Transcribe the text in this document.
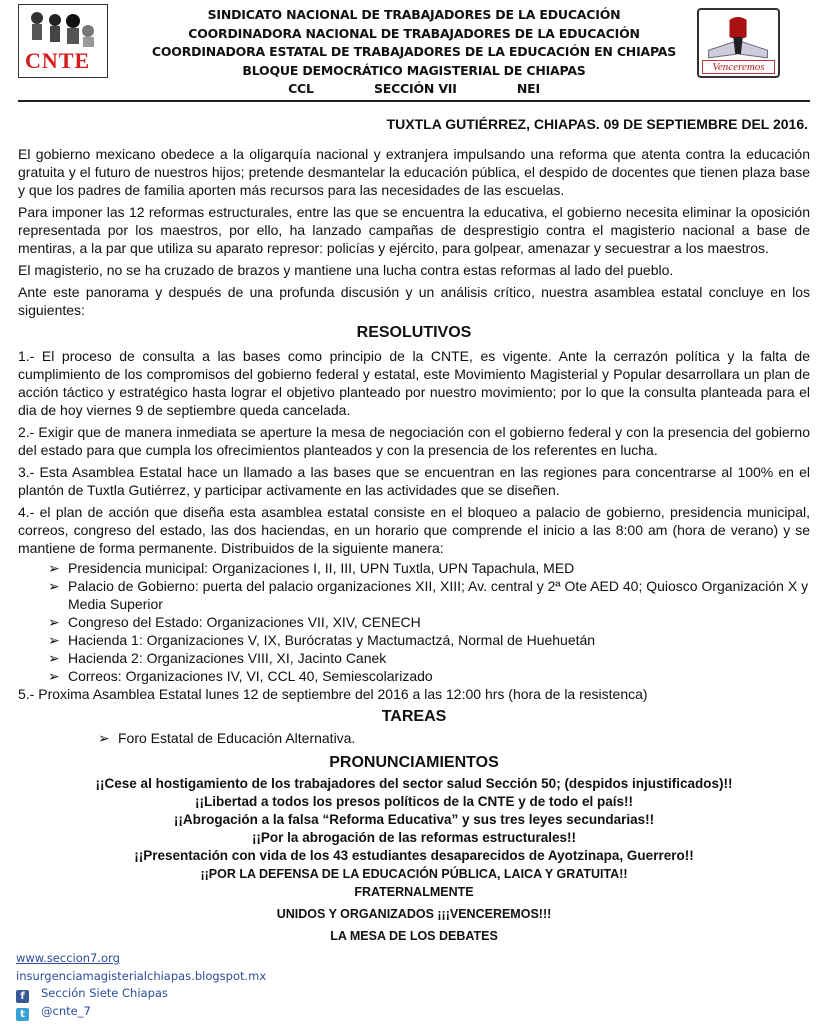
CNTE
SINDICATO NACIONAL DE TRABAJADORES DE LA EDUCACIÓN
COORDINADORA NACIONAL DE TRABAJADORES DE LA EDUCACIÓN
COORDINADORA ESTATAL DE TRABAJADORES DE LA EDUCACIÓN EN CHIAPAS
BLOQUE DEMOCRÁTICO MAGISTERIAL DE CHIAPAS
CCL	SECCIÓN VII	NEI
Venceremos
TUXTLA GUTIÉRREZ, CHIAPAS. 09 DE SEPTIEMBRE DEL 2016.

El gobierno mexicano obedece a la oligarquía nacional y extranjera impulsando una reforma que atenta contra la educación gratuita y el futuro de nuestros hijos; pretende desmantelar la educación pública, el despido de docentes que tienen plaza base y que los padres de familia aporten más recursos para las necesidades de las escuelas.

Para imponer las 12 reformas estructurales, entre las que se encuentra la educativa, el gobierno necesita eliminar la oposición representada por los maestros, por ello, ha lanzado campañas de desprestigio contra el magisterio nacional a base de mentiras, a la par que utiliza su aparato represor: policías y ejército, para golpear, amenazar y secuestrar a los maestros.

El magisterio, no se ha cruzado de brazos y mantiene una lucha contra estas reformas al lado del pueblo.

Ante este panorama y después de una profunda discusión y un análisis crítico, nuestra asamblea estatal concluye en los siguientes:

RESOLUTIVOS

1.- El proceso de consulta a las bases como principio de la CNTE, es vigente. Ante la cerrazón política y la falta de cumplimiento de los compromisos del gobierno federal y estatal, este Movimiento Magisterial y Popular desarrollara un plan de acción táctico y estratégico hasta lograr el objetivo planteado por nuestro movimiento; por lo que la consulta planteada para el dia de hoy viernes 9 de septiembre queda cancelada.

2.- Exigir que de manera inmediata se aperture la mesa de negociación con el gobierno federal y con la presencia del gobierno del estado para que cumpla los ofrecimientos planteados y con la presencia de los referentes en lucha.

3.- Esta Asamblea Estatal hace un llamado a las bases que se encuentran en las regiones para concentrarse al 100% en el plantón de Tuxtla Gutiérrez, y participar activamente en las actividades que se diseñen.

4.- el plan de acción que diseña esta asamblea estatal consiste en el bloqueo a palacio de gobierno, presidencia municipal, correos, congreso del estado, las dos haciendas, en un horario que comprende el inicio a las 8:00 am (hora de verano) y se mantiene de forma permanente. Distribuidos de la siguiente manera:

➢ Presidencia municipal: Organizaciones I, II, III, UPN Tuxtla, UPN Tapachula, MED
➢ Palacio de Gobierno: puerta del palacio organizaciones XII, XIII; Av. central y 2ª Ote AED 40; Quiosco Organización X y Media Superior
➢ Congreso del Estado: Organizaciones VII, XIV, CENECH
➢ Hacienda 1: Organizaciones V, IX, Burócratas y Mactumactzá, Normal de Huehuetán
➢ Hacienda 2: Organizaciones VIII, XI, Jacinto Canek
➢ Correos: Organizaciones IV, VI, CCL 40, Semiescolarizado

5.- Proxima Asamblea Estatal lunes 12 de septiembre del 2016 a las 12:00 hrs (hora de la resistenca)

TAREAS
➢ Foro Estatal de Educación Alternativa.
PRONUNCIAMIENTOS
¡¡Cese al hostigamiento de los trabajadores del sector salud Sección 50; (despidos injustificados)!!
¡¡Libertad a todos los presos políticos de la CNTE y de todo el país!!
¡¡Abrogación a la falsa “Reforma Educativa” y sus tres leyes secundarias!!
¡¡Por la abrogación de las reformas estructurales!!
¡¡Presentación con vida de los 43 estudiantes desaparecidos de Ayotzinapa, Guerrero!!
¡¡POR LA DEFENSA DE LA EDUCACIÓN PÚBLICA, LAICA Y GRATUITA!!
FRATERNALMENTE
UNIDOS Y ORGANIZADOS ¡¡¡VENCEREMOS!!!
LA MESA DE LOS DEBATES
www.seccion7.org
insurgenciamagisterialchiapas.blogspot.mx
f Sección Siete Chiapas
t @cnte_7
